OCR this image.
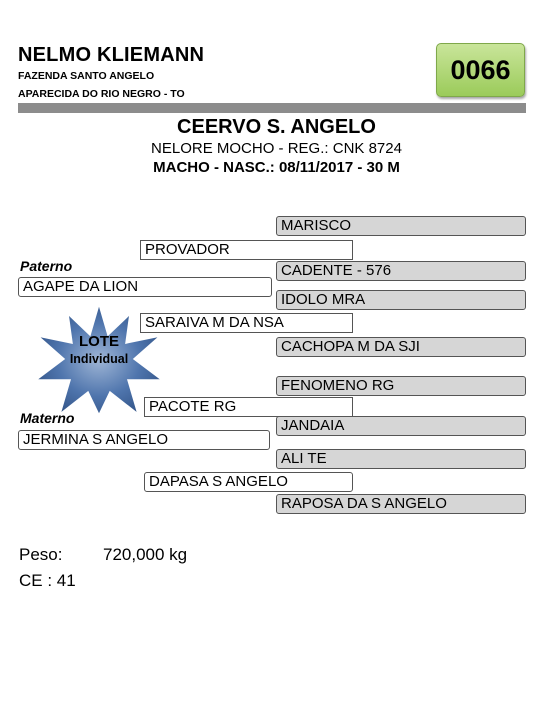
NELMO KLIEMANN
FAZENDA SANTO ANGELO
APARECIDA DO RIO NEGRO - TO
0066
CEERVO S. ANGELO
NELORE MOCHO - REG.: CNK 8724
MACHO - NASC.: 08/11/2017 - 30 M
MARISCO
PROVADOR
Paterno	CADENTE - 576
AGAPE DA LION
IDOLO MRA
SARAIVA M DA NSA
CACHOPA M DA SJI
LOTE
Individual
FENOMENO RG
PACOTE RG
Materno	JANDAIA
JERMINA S ANGELO
ALI TE
DAPASA S ANGELO
RAPOSA DA S ANGELO
Peso: 720,000 kg
CE : 41
